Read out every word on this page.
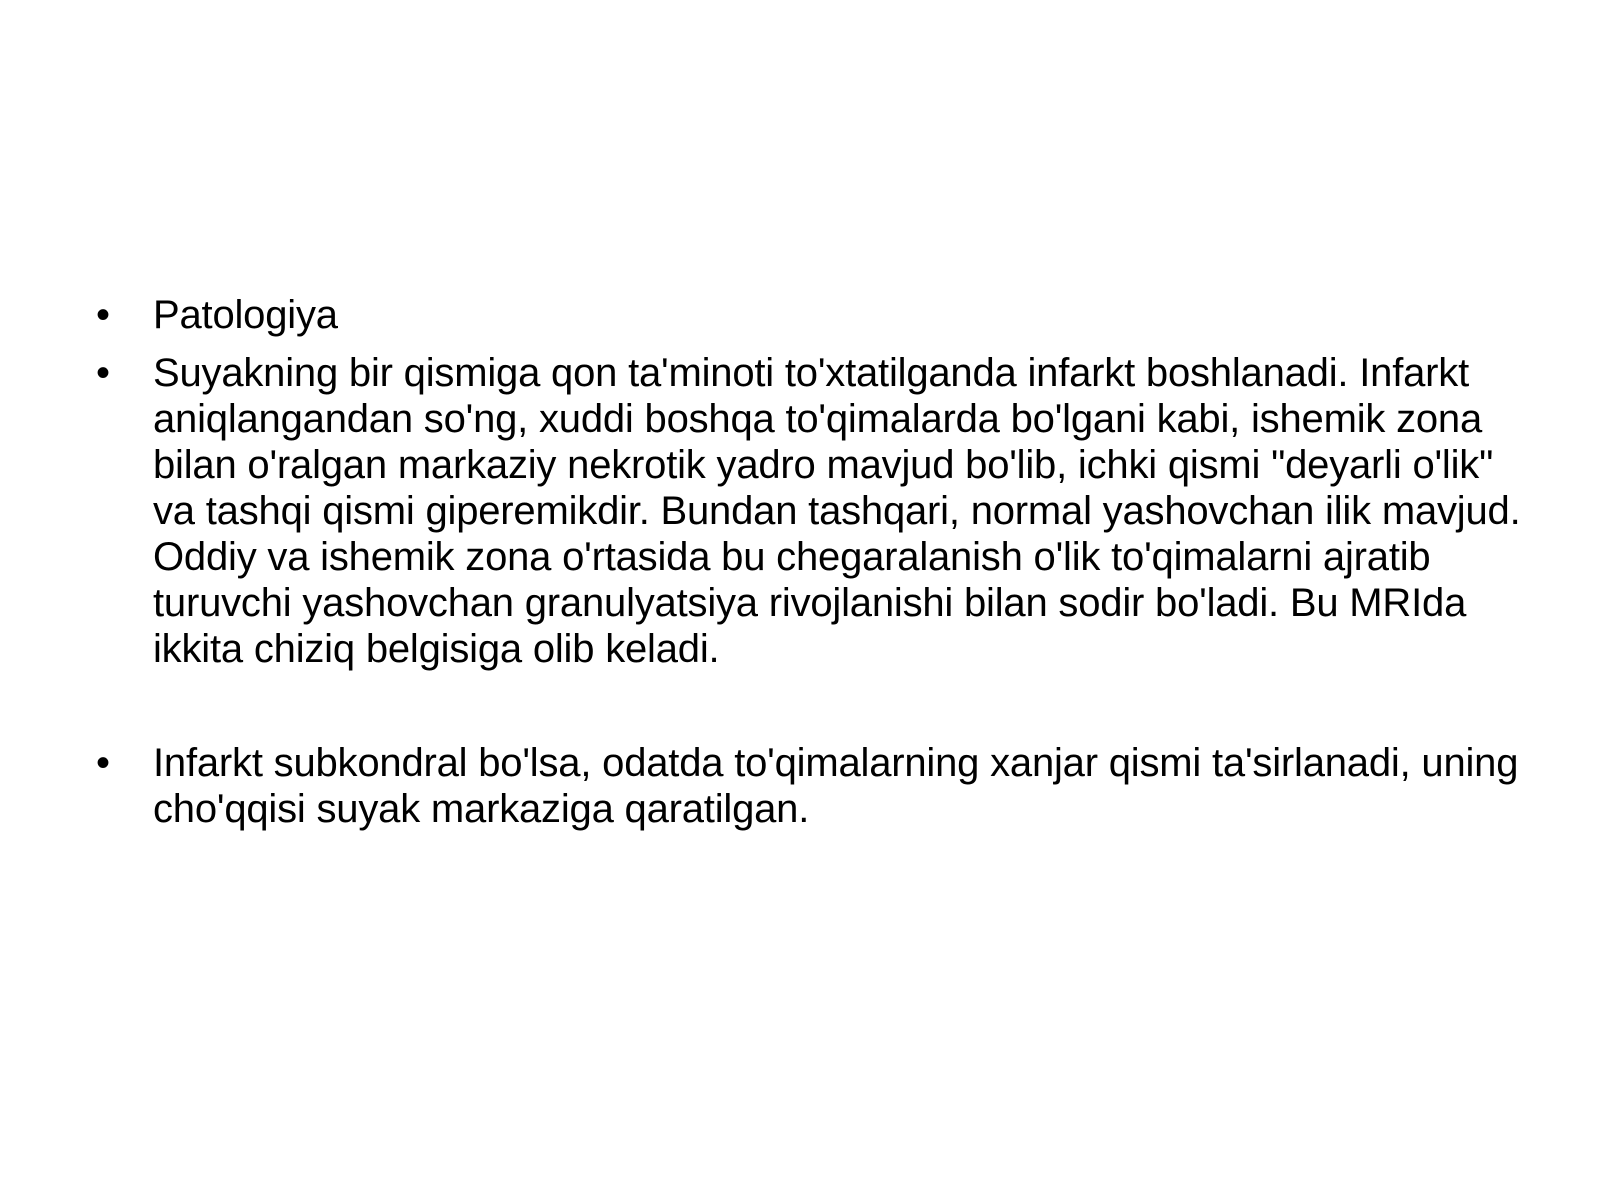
•	Patologiya
•	Suyakning bir qismiga qon ta'minoti to'xtatilganda infarkt boshlanadi. Infarkt aniqlangandan so'ng, xuddi boshqa to'qimalarda bo'lgani kabi, ishemik zona bilan o'ralgan markaziy nekrotik yadro mavjud bo'lib, ichki qismi "deyarli o'lik" va tashqi qismi giperemikdir. Bundan tashqari, normal yashovchan ilik mavjud. Oddiy va ishemik zona o'rtasida bu chegaralanish o'lik to'qimalarni ajratib turuvchi yashovchan granulyatsiya rivojlanishi bilan sodir bo'ladi. Bu MRIda ikkita chiziq belgisiga olib keladi.
•	Infarkt subkondral bo'lsa, odatda to'qimalarning xanjar qismi ta'sirlanadi, uning cho'qqisi suyak markaziga qaratilgan.
